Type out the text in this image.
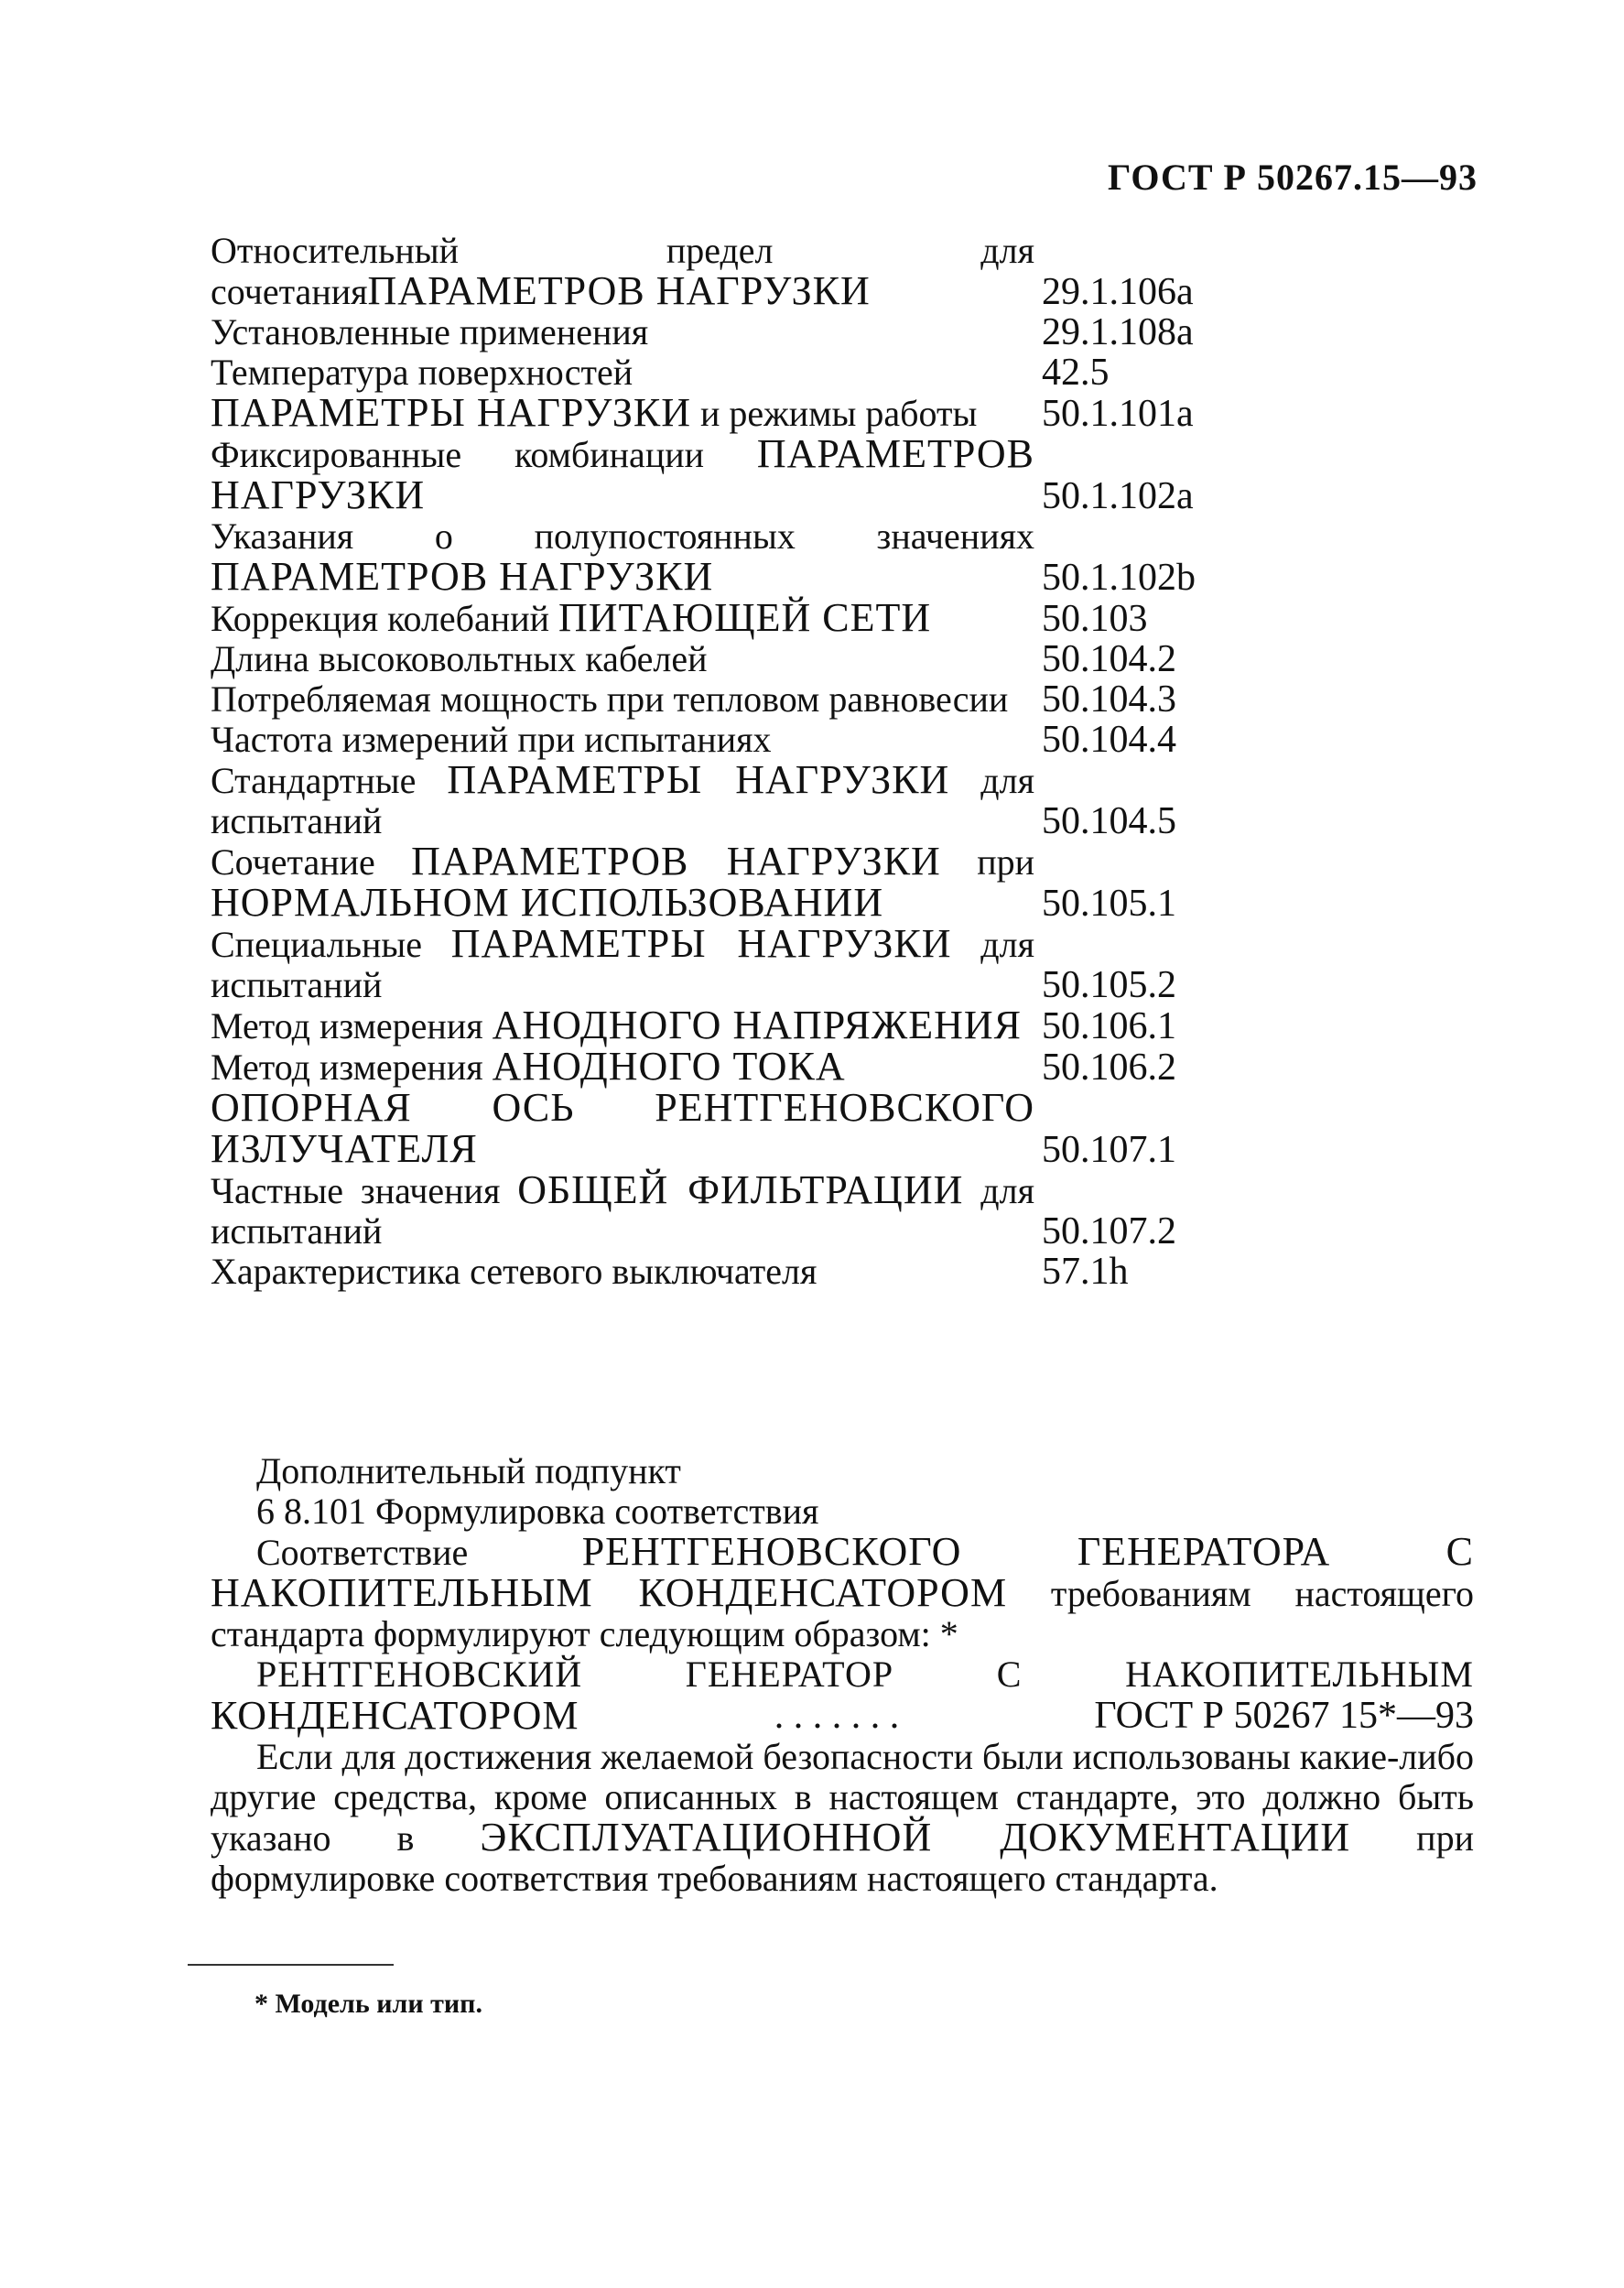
ГОСТ Р 50267.15—93
Относительный предел для сочетанияПАРАМЕТРОВ НАГРУЗКИ	29.1.106a
Установленные применения	29.1.108a
Температура поверхностей	42.5
ПАРАМЕТРЫ НАГРУЗКИ и режимы работы	50.1.101a
Фиксированные комбинации ПАРАМЕТРОВ НАГРУЗКИ	50.1.102a
Указания о полупостоянных значениях ПАРАМЕТРОВ НАГРУЗКИ	50.1.102b
Коррекция колебаний ПИТАЮЩЕЙ СЕТИ	50.103
Длина высоковольтных кабелей	50.104.2
Потребляемая мощность при тепловом равновесии 50.104.3
Частота измерений при испытаниях	50.104.4
Стандартные ПАРАМЕТРЫ НАГРУЗКИ для испытаний	50.104.5
Сочетание ПАРАМЕТРОВ НАГРУЗКИ при НОРМАЛЬНОМ ИСПОЛЬЗОВАНИИ	50.105.1
Специальные ПАРАМЕТРЫ НАГРУЗКИ для испытаний	50.105.2
Метод измерения АНОДНОГО НАПРЯЖЕНИЯ 50.106.1
Метод измерения АНОДНОГО ТОКА	50.106.2
ОПОРНАЯ ОСЬ РЕНТГЕНОВСКОГО ИЗЛУЧАТЕЛЯ	50.107.1
Частные значения ОБЩЕЙ ФИЛЬТРАЦИИ для испытаний	50.107.2
Характеристика сетевого выключателя	57.1h

Дополнительный подпункт

6 8.101 Формулировка соответствия

Соответствие РЕНТГЕНОВСКОГО ГЕНЕРАТОРА С НАКОПИТЕЛЬНЫМ КОНДЕНСАТОРОМ требованиям настоящего стандарта формулируют следующим образом: *

РЕНТГЕНОВСКИЙ ГЕНЕРАТОР С НАКОПИТЕЛЬНЫМ

КОНДЕНСАТОРОМ	. . . . . . .	ГОСТ Р 50267 15*—93

Если для достижения желаемой безопасности были использованы какие-либо другие средства, кроме описанных в настоящем стандарте, это должно быть указано в ЭКСПЛУАТАЦИОННОЙ ДОКУМЕНТАЦИИ при формулировке соответствия требованиям настоящего стандарта.

* Модель или тип.
